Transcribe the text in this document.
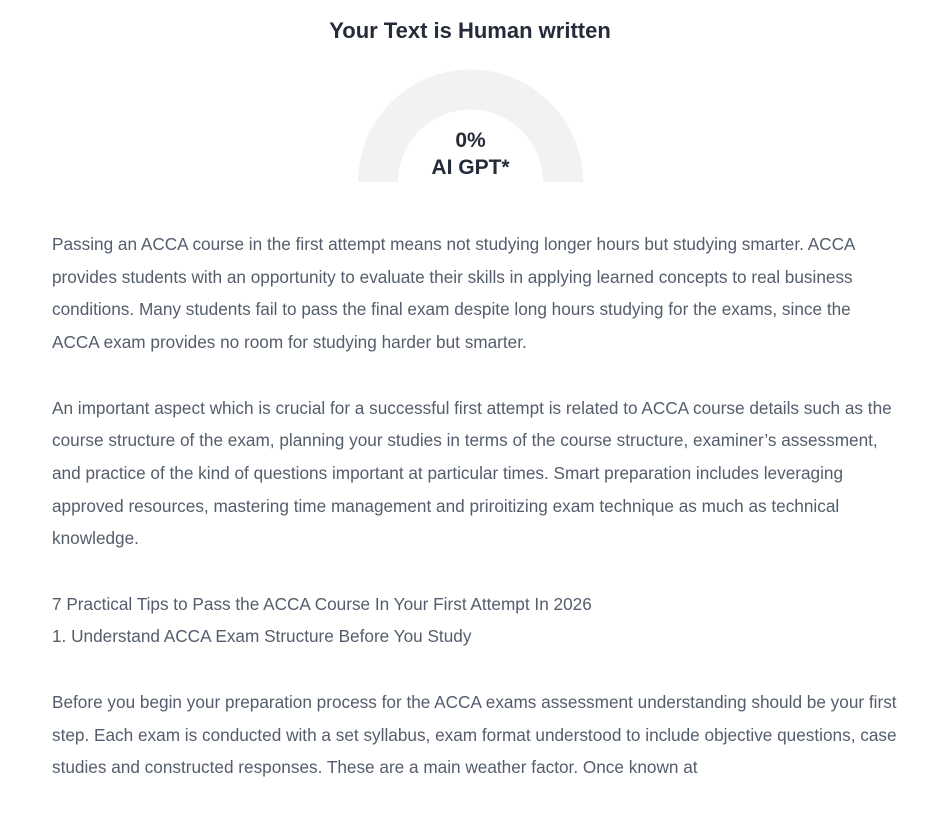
Your Text is Human written
0%
AI GPT*

Passing an ACCA course in the first attempt means not studying longer hours but studying smarter. ACCA provides students with an opportunity to evaluate their skills in applying learned concepts to real business conditions. Many students fail to pass the final exam despite long hours studying for the exams, since the ACCA exam provides no room for studying harder but smarter.

An important aspect which is crucial for a successful first attempt is related to ACCA course details such as the course structure of the exam, planning your studies in terms of the course structure, examiner’s assessment, and practice of the kind of questions important at particular times. Smart preparation includes leveraging approved resources, mastering time management and priroitizing exam technique as much as technical knowledge.

7 Practical Tips to Pass the ACCA Course In Your First Attempt In 2026

1. Understand ACCA Exam Structure Before You Study

Before you begin your preparation process for the ACCA exams assessment understanding should be your first step. Each exam is conducted with a set syllabus, exam format understood to include objective questions, case studies and constructed responses. These are a main weather factor. Once known at
